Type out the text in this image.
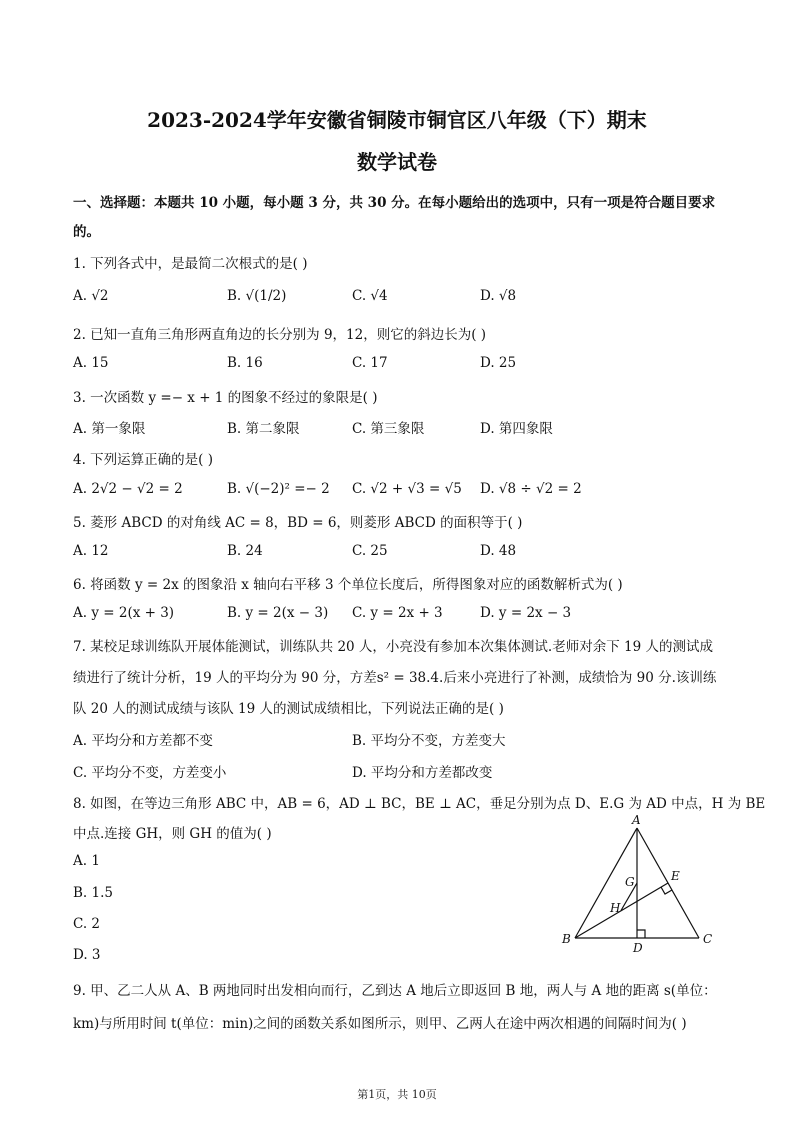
2023-2024学年安徽省铜陵市铜官区八年级（下）期末
数学试卷
一、选择题：本题共 10 小题，每小题 3 分，共 30 分。在每小题给出的选项中，只有一项是符合题目要求
的。
1. 下列各式中，是最简二次根式的是( )
A. √2	B. √(1/2)	C. √4	D. √8
2. 已知一直角三角形两直角边的长分别为 9，12，则它的斜边长为( )
A. 15	B. 16	C. 17	D. 25
3. 一次函数 y =− x + 1 的图象不经过的象限是( )
A. 第一象限	B. 第二象限	C. 第三象限	D. 第四象限
4. 下列运算正确的是( )
A. 2√2 − √2 = 2	B. √(−2)² =− 2 C. √2 + √3 = √5 D. √8 ÷ √2 = 2
5. 菱形 ABCD 的对角线 AC = 8，BD = 6，则菱形 ABCD 的面积等于( )
A. 12	B. 24	C. 25	D. 48
6. 将函数 y = 2x 的图象沿 x 轴向右平移 3 个单位长度后，所得图象对应的函数解析式为( )
A. y = 2(x + 3)	B. y = 2(x − 3) C. y = 2x + 3	D. y = 2x − 3
7. 某校足球训练队开展体能测试，训练队共 20 人，小亮没有参加本次集体测试.老师对余下 19 人的测试成
绩进行了统计分析，19 人的平均分为 90 分，方差s² = 38.4.后来小亮进行了补测，成绩恰为 90 分.该训练
队 20 人的测试成绩与该队 19 人的测试成绩相比，下列说法正确的是( )
A. 平均分和方差都不变	B. 平均分不变，方差变大
C. 平均分不变，方差变小	D. 平均分和方差都改变
8. 如图，在等边三角形 ABC 中，AB = 6，AD ⊥ BC，BE ⊥ AC，垂足分别为点 D、E.G 为 AD 中点，H 为 BE
中点.连接 GH，则 GH 的值为( )
A. 1
B. 1.5
C. 2
D. 3
A
B	C
D
E
G
H
9. 甲、乙二人从 A、B 两地同时出发相向而行，乙到达 A 地后立即返回 B 地，两人与 A 地的距离 s(单位：
km)与所用时间 t(单位：min)之间的函数关系如图所示，则甲、乙两人在途中两次相遇的间隔时间为( )
第1页，共 10页
